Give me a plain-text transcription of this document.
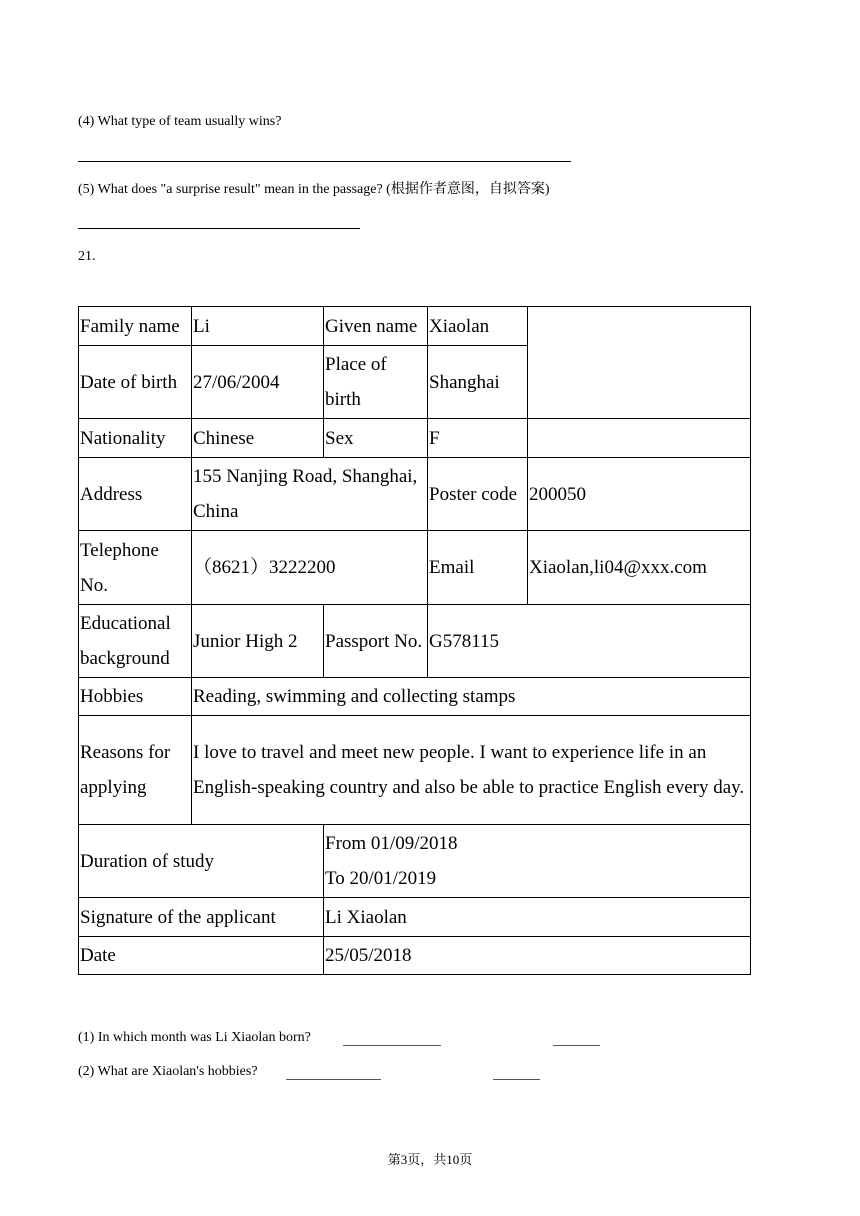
(4) What type of team usually wins?
(5) What does "a surprise result" mean in the passage? (根据作者意图，自拟答案)
21.
Family name	Li	Given name	Xiaolan	
Date of birth	27/06/2004	Place of birth	Shanghai	
Nationality	Chinese	Sex	F	
Address	155 Nanjing Road, Shanghai, China		Poster code	200050
Telephone No.	（8621）3222200		Email	Xiaolan,li04@xxx.com
Educational background	Junior High 2	Passport No.	G578115	
Hobbies	Reading, swimming and collecting stamps			
Reasons for applying	I love to travel and meet new people. I want to experience life in an English-speaking country and also be able to practice English every day.			
Duration of study		From 01/09/2018
To 20/01/2019		

Signature of the applicant		Li Xiaolan		
Date		25/05/2018		
(1) In which month was Li Xiaolan born?
(2) What are Xiaolan's hobbies?
第3页，共10页
